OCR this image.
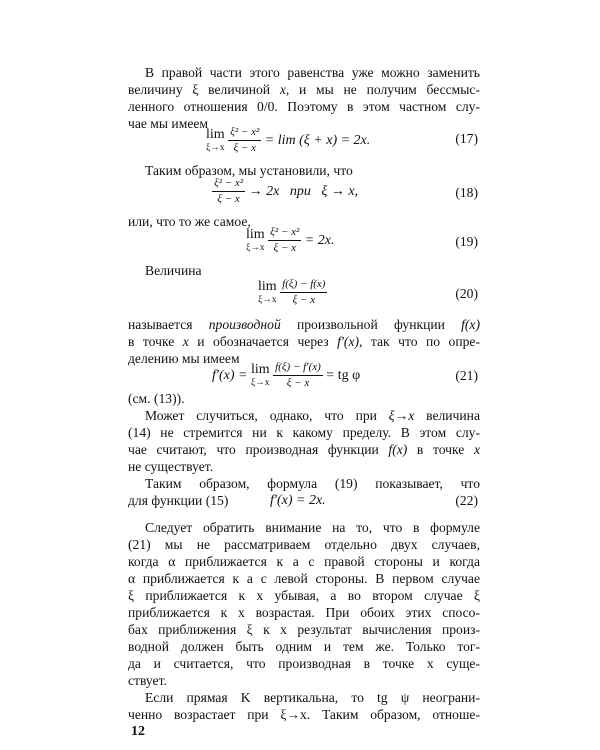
В правой части этого равенства уже можно заменить
величину ξ величиной x, и мы не получим бессмыс-
ленного отношения 0/0. Поэтому в этом частном слу-
чае мы имеем
lim
ξ→x
$\frac{\text{ξ² − x²}}{\xi - x} = \lim (\xi + x) = 2x$.	(17)
Таким образом, мы установили, что
$\frac{\text{ξ² − x²}}{\xi - x} \to 2x$   при   ξ → x,	(18)
или, что то же самое,
lim
ξ→x
$\frac{\text{ξ² − x²}}{\xi - x} = 2x$.	(19)
Величина
lim
ξ→x
$\frac{f(\xi) - f(x)}{\xi - x}$	(20)
называется производной произвольной функции f(x)
в точке x и обозначается через f′(x), так что по опре-
делению мы имеем
f′(x) = lim
ξ→x
$\frac{f(\xi) - f'(x)}{\xi - x}$ = tg φ	(21)
(см. (13)).
Может случиться, однако, что при ξ→x величина
(14) не стремится ни к какому пределу. В этом слу-
чае считают, что производная функции f(x) в точке x
не существует.
Таким образом, формула (19) показывает, что
для функции (15)	f′(x) = 2x.	(22)
Следует обратить внимание на то, что в формуле
(21) мы не рассматриваем отдельно двух случаев,
когда α приближается к a с правой стороны и когда
α приближается к a с левой стороны. В первом случае
ξ приближается к x убывая, а во втором случае ξ
приближается к x возрастая. При обоих этих спосо-
бах приближения ξ к x результат вычисления произ-
водной должен быть одним и тем же. Только тог-
да и считается, что производная в точке x суще-
ствует.
Если прямая K вертикальна, то tg ψ неограни-
ченно возрастает при ξ→x. Таким образом, отноше-
12
